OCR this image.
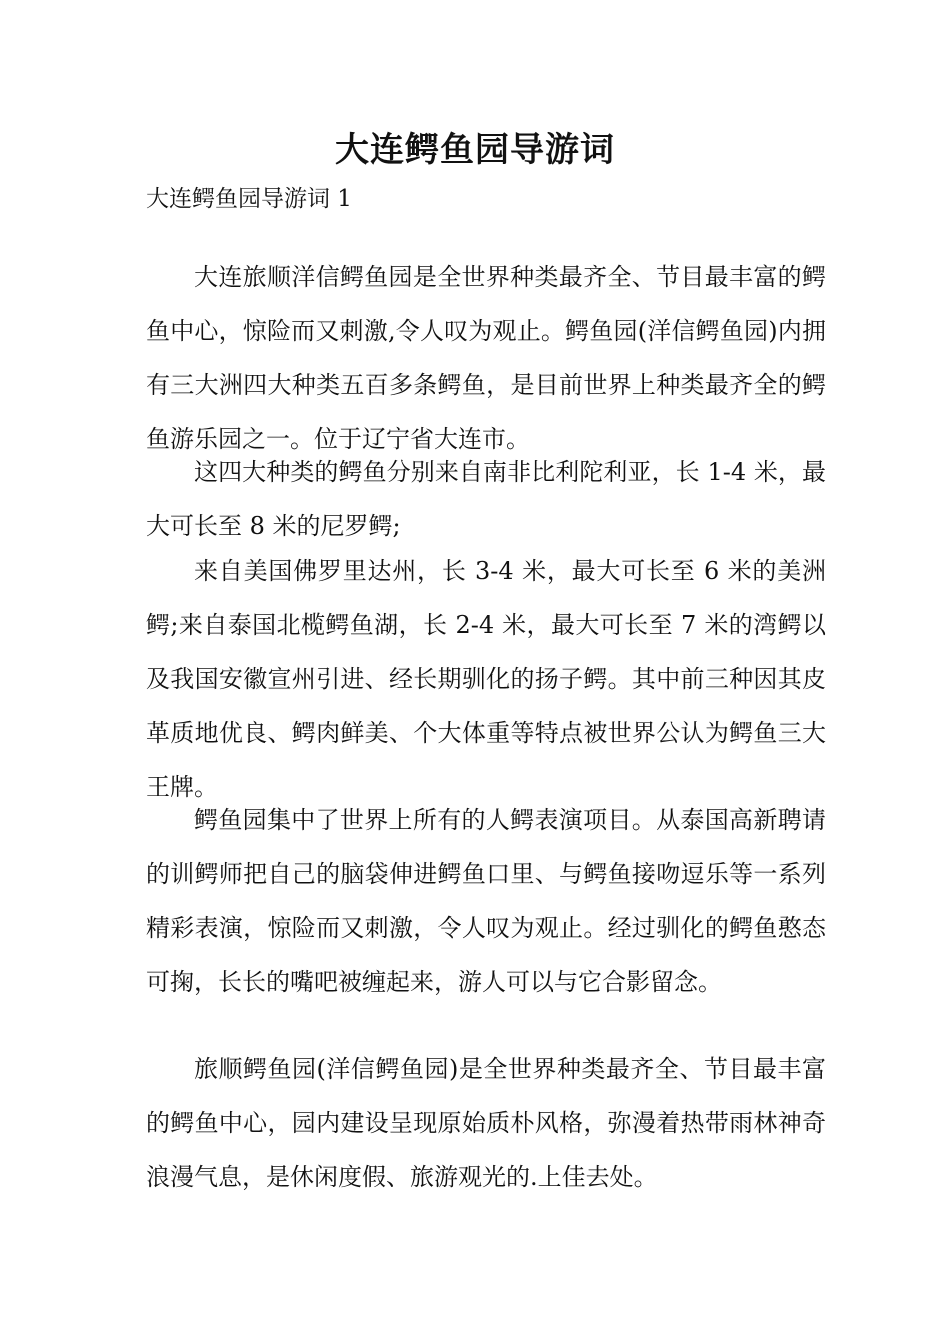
大连鳄鱼园导游词
大连鳄鱼园导游词 1

大连旅顺洋信鳄鱼园是全世界种类最齐全、节目最丰富的鳄鱼中心，惊险而又刺激,令人叹为观止。鳄鱼园(洋信鳄鱼园)内拥有三大洲四大种类五百多条鳄鱼，是目前世界上种类最齐全的鳄鱼游乐园之一。位于辽宁省大连市。

这四大种类的鳄鱼分别来自南非比利陀利亚，长 1-4 米，最大可长至 8 米的尼罗鳄;

来自美国佛罗里达州，长 3-4 米，最大可长至 6 米的美洲鳄;来自泰国北榄鳄鱼湖，长 2-4 米，最大可长至 7 米的湾鳄以及我国安徽宣州引进、经长期驯化的扬子鳄。其中前三种因其皮革质地优良、鳄肉鲜美、个大体重等特点被世界公认为鳄鱼三大王牌。

鳄鱼园集中了世界上所有的人鳄表演项目。从泰国高新聘请的训鳄师把自己的脑袋伸进鳄鱼口里、与鳄鱼接吻逗乐等一系列精彩表演，惊险而又刺激，令人叹为观止。经过驯化的鳄鱼憨态可掬，长长的嘴吧被缠起来，游人可以与它合影留念。

旅顺鳄鱼园(洋信鳄鱼园)是全世界种类最齐全、节目最丰富的鳄鱼中心，园内建设呈现原始质朴风格，弥漫着热带雨林神奇浪漫气息，是休闲度假、旅游观光的.上佳去处。
